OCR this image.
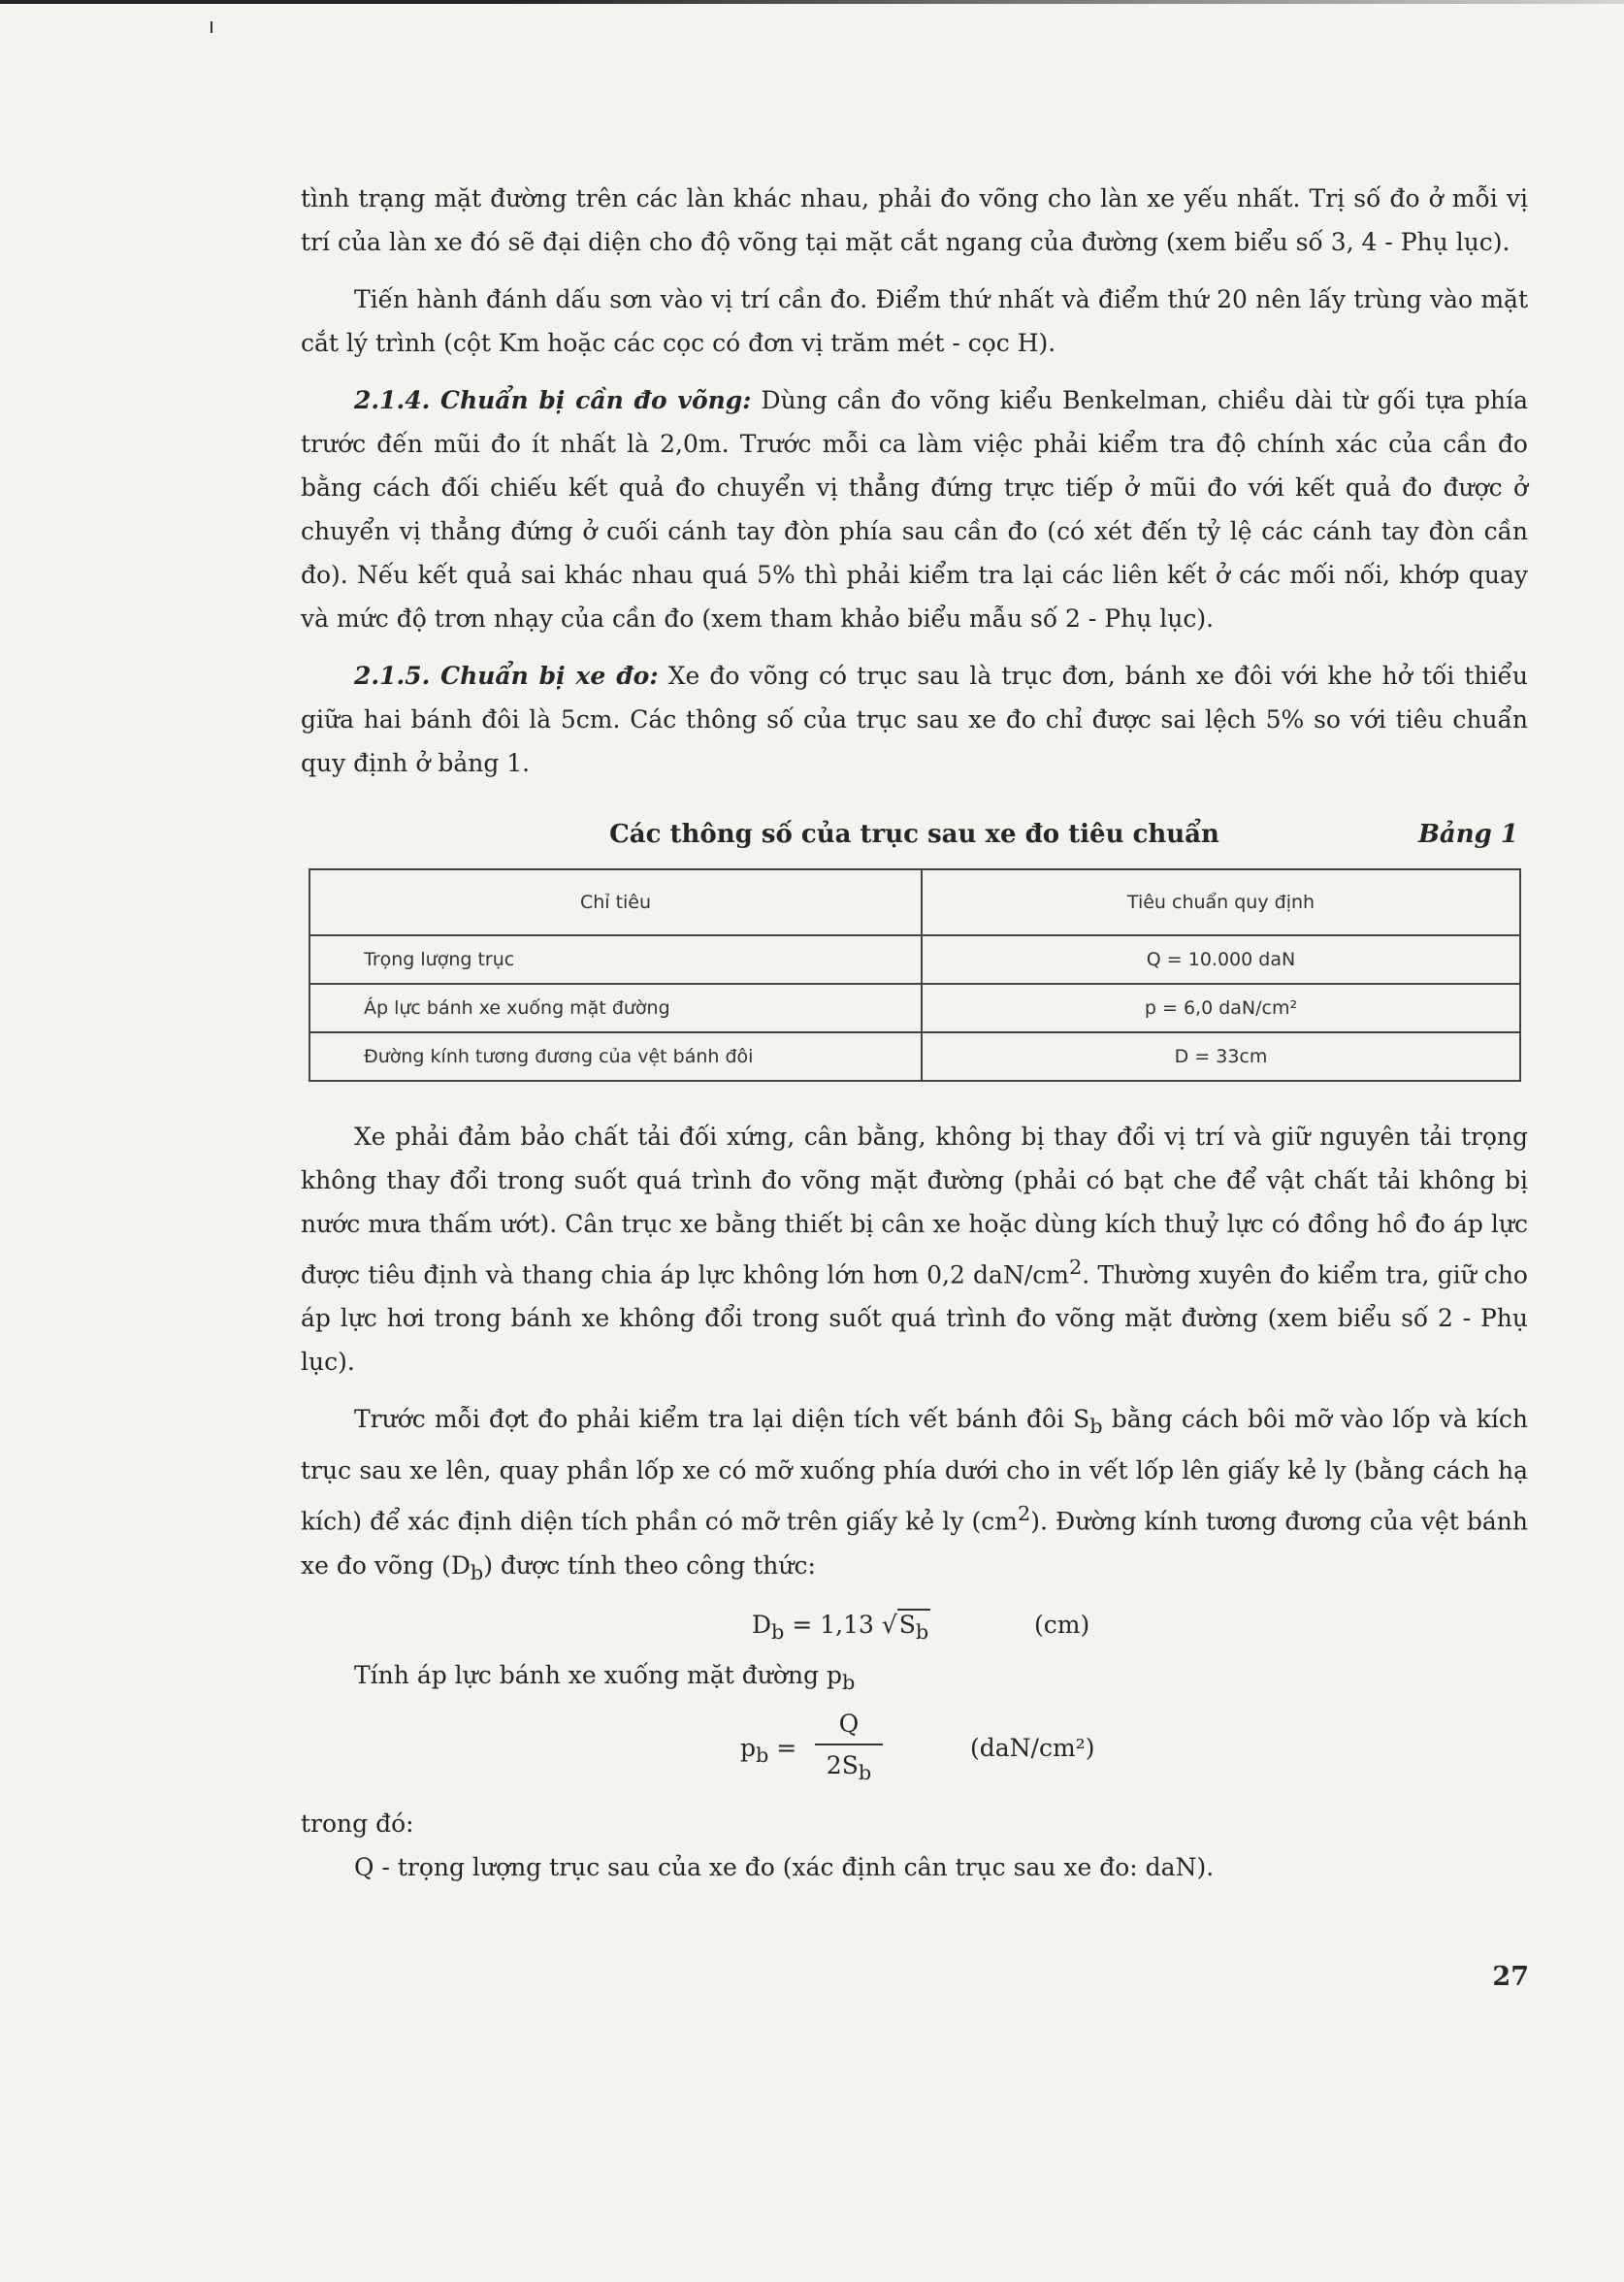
tình trạng mặt đường trên các làn khác nhau, phải đo võng cho làn xe yếu nhất. Trị số đo ở mỗi vị trí của làn xe đó sẽ đại diện cho độ võng tại mặt cắt ngang của đường (xem biểu số 3, 4 - Phụ lục).

Tiến hành đánh dấu sơn vào vị trí cần đo. Điểm thứ nhất và điểm thứ 20 nên lấy trùng vào mặt cắt lý trình (cột Km hoặc các cọc có đơn vị trăm mét - cọc H).

2.1.4. Chuẩn bị cần đo võng: Dùng cần đo võng kiểu Benkelman, chiều dài từ gối tựa phía trước đến mũi đo ít nhất là 2,0m. Trước mỗi ca làm việc phải kiểm tra độ chính xác của cần đo bằng cách đối chiếu kết quả đo chuyển vị thẳng đứng trực tiếp ở mũi đo với kết quả đo được ở chuyển vị thẳng đứng ở cuối cánh tay đòn phía sau cần đo (có xét đến tỷ lệ các cánh tay đòn cần đo). Nếu kết quả sai khác nhau quá 5% thì phải kiểm tra lại các liên kết ở các mối nối, khớp quay và mức độ trơn nhạy của cần đo (xem tham khảo biểu mẫu số 2 - Phụ lục).

2.1.5. Chuẩn bị xe đo: Xe đo võng có trục sau là trục đơn, bánh xe đôi với khe hở tối thiểu giữa hai bánh đôi là 5cm. Các thông số của trục sau xe đo chỉ được sai lệch 5% so với tiêu chuẩn quy định ở bảng 1.

Các thông số của trục sau xe đo tiêu chuẩn	Bảng 1
Chỉ tiêu	Tiêu chuẩn quy định
Trọng lượng trục	Q = 10.000 daN
Áp lực bánh xe xuống mặt đường	p = 6,0 daN/cm²
Đường kính tương đương của vệt bánh đôi	D = 33cm

Xe phải đảm bảo chất tải đối xứng, cân bằng, không bị thay đổi vị trí và giữ nguyên tải trọng không thay đổi trong suốt quá trình đo võng mặt đường (phải có bạt che để vật chất tải không bị nước mưa thấm ướt). Cân trục xe bằng thiết bị cân xe hoặc dùng kích thuỷ lực có đồng hồ đo áp lực được tiêu định và thang chia áp lực không lớn hơn 0,2 daN/$cm^2$. Thường xuyên đo kiểm tra, giữ cho áp lực hơi trong bánh xe không đổi trong suốt quá trình đo võng mặt đường (xem biểu số 2 - Phụ lục).

Trước mỗi đợt đo phải kiểm tra lại diện tích vết bánh đôi $S_b$ bằng cách bôi mỡ vào lốp và kích trục sau xe lên, quay phần lốp xe có mỡ xuống phía dưới cho in vết lốp lên giấy kẻ ly (bằng cách hạ kích) để xác định diện tích phần có mỡ trên giấy kẻ ly $(cm^2)$. Đường kính tương đương của vệt bánh xe đo võng $(D_b)$ được tính theo công thức:

$D_b = 1,13$ $√S_b$	(cm)

Tính áp lực bánh xe xuống mặt đường $p_b$

$p_b = \frac{Q}{2S_b}$	(daN/cm²)

trong đó:

Q - trọng lượng trục sau của xe đo (xác định cân trục sau xe đo: daN).

27
